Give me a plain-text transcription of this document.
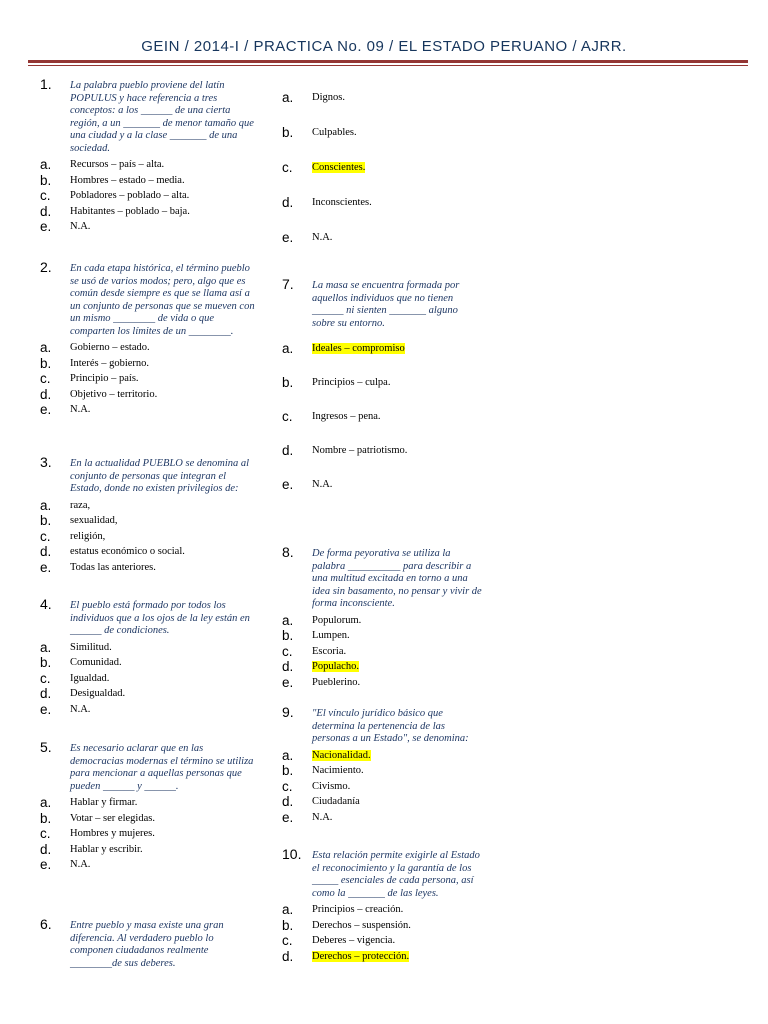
GEIN / 2014-I / PRACTICA No. 09 / EL ESTADO PERUANO / AJRR.
1. La palabra pueblo proviene del latín POPULUS y hace referencia a tres conceptos: a los ______ de una cierta región, a un _______ de menor tamaño que una ciudad y a la clase _______ de una sociedad.
a. Recursos – país – alta.
b. Hombres – estado – media.
c. Pobladores – poblado – alta.
d. Habitantes – poblado – baja.
e. N.A.
2. En cada etapa histórica, el término pueblo se usó de varios modos; pero, algo que es común desde siempre es que se llama así a un conjunto de personas que se mueven con un mismo ________ de vida o que comparten los límites de un ________.
a. Gobierno – estado.
b. Interés – gobierno.
c. Principio – país.
d. Objetivo – territorio.
e. N.A.
3. En la actualidad PUEBLO se denomina al conjunto de personas que integran el Estado, donde no existen privilegios de:
a. raza,
b. sexualidad,
c. religión,
d. estatus económico o social.
e. Todas las anteriores.
4. El pueblo está formado por todos los individuos que a los ojos de la ley están en ______ de condiciones.
a. Similitud.
b. Comunidad.
c. Igualdad.
d. Desigualdad.
e. N.A.
5. Es necesario aclarar que en las democracias modernas el término se utiliza para mencionar a aquellas personas que pueden ______ y ______.
a. Hablar y firmar.
b. Votar – ser elegidas.
c. Hombres y mujeres.
d. Hablar y escribir.
e. N.A.
6. Entre pueblo y masa existe una gran diferencia. Al verdadero pueblo lo componen ciudadanos realmente ________de sus deberes.
a. Dignos.
b. Culpables.
c. Conscientes.
d. Inconscientes.
e. N.A.
7. La masa se encuentra formada por aquellos individuos que no tienen ______ ni sienten _______ alguno sobre su entorno.
a. Ideales – compromiso
b. Principios – culpa.
c. Ingresos – pena.
d. Nombre – patriotismo.
e. N.A.
8. De forma peyorativa se utiliza la palabra __________ para describir a una multitud excitada en torno a una idea sin basamento, no pensar y vivir de forma inconsciente.
a. Populorum.
b. Lumpen.
c. Escoria.
d. Populacho.
e. Pueblerino.
9. "El vínculo jurídico básico que determina la pertenencia de las personas a un Estado", se denomina:
a. Nacionalidad.
b. Nacimiento.
c. Civismo.
d. Ciudadanía
e. N.A.
10. Esta relación permite exigirle al Estado el reconocimiento y la garantía de los _____ esenciales de cada persona, así como la _______ de las leyes.
a. Principios – creación.
b. Derechos – suspensión.
c. Deberes – vigencia.
d. Derechos – protección.
